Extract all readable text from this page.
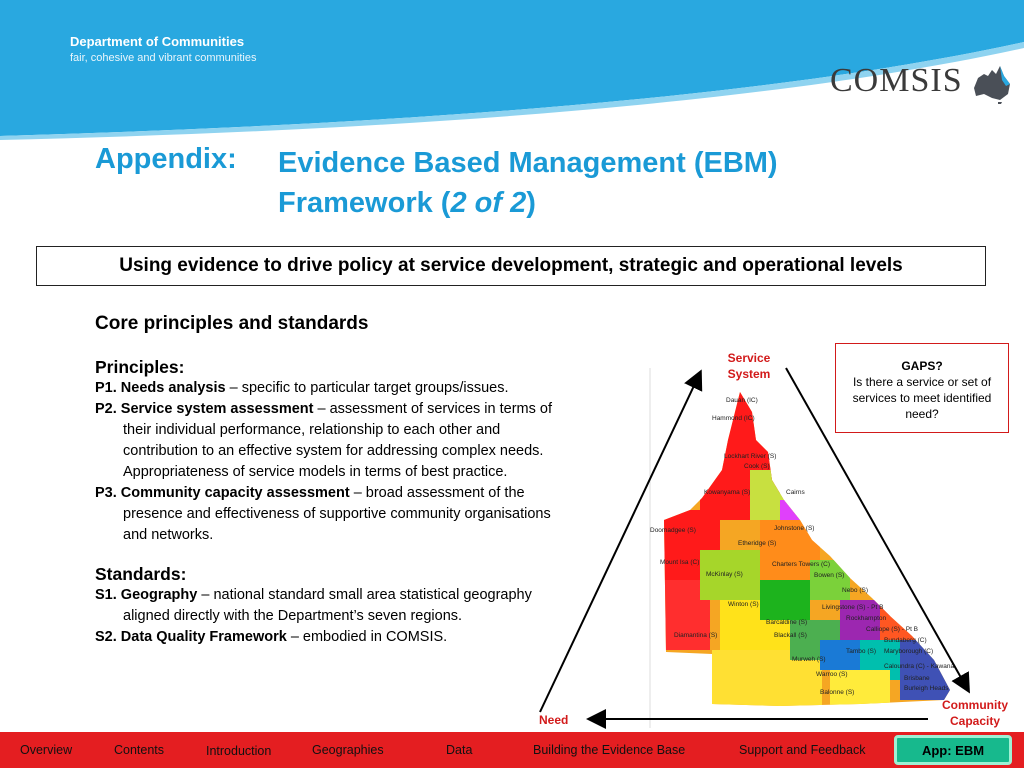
Department of Communities
fair, cohesive and vibrant communities
COMSIS
Appendix: Evidence Based Management (EBM)
Framework (2 of 2)
Using evidence to drive policy at service development, strategic and operational levels
Core principles and standards

Principles:

P1. Needs analysis – specific to particular target groups/issues.

P2. Service system assessment – assessment of services in terms of their individual performance, relationship to each other and contribution to an effective system for addressing complex needs. Appropriateness of service models in terms of best practice.

P3. Community capacity assessment – broad assessment of the presence and effectiveness of supportive community organisations and networks.

Standards:

S1. Geography – national standard small area statistical geography aligned directly with the Department’s seven regions.

S2. Data Quality Framework – embodied in COMSIS.

Dauan (IC)
Hammond (IC)
Lockhart River (S)
Cook (S)
Kowanyama (S)	Cairns
Johnstone (S)
Doomadgee (S)
Etheridge (S)
Mount Isa (C)
McKinlay (S)
Charters Towers (C)
Bowen (S)
Nebo (S)
Winton (S)	Livingstone (S) - Pt B
Rockhampton
Barcaldine (S)
Calliope (S) - Pt B
Diamantina (S)	Blackall (S)
Bundaberg (C)
Tambo (S) Maryborough (C)
Murweh (S)
Caloundra (C) - Kawana
Warroo (S)
Brisbane
Balonne (S)
Burleigh Heads
Service
System
Need
Community
Capacity
GAPS?
Is there a service or set of services to meet identified need?
Overview	Contents	Introduction	Geographies	Data	Building the Evidence Base	Support and Feedback	App: EBM
